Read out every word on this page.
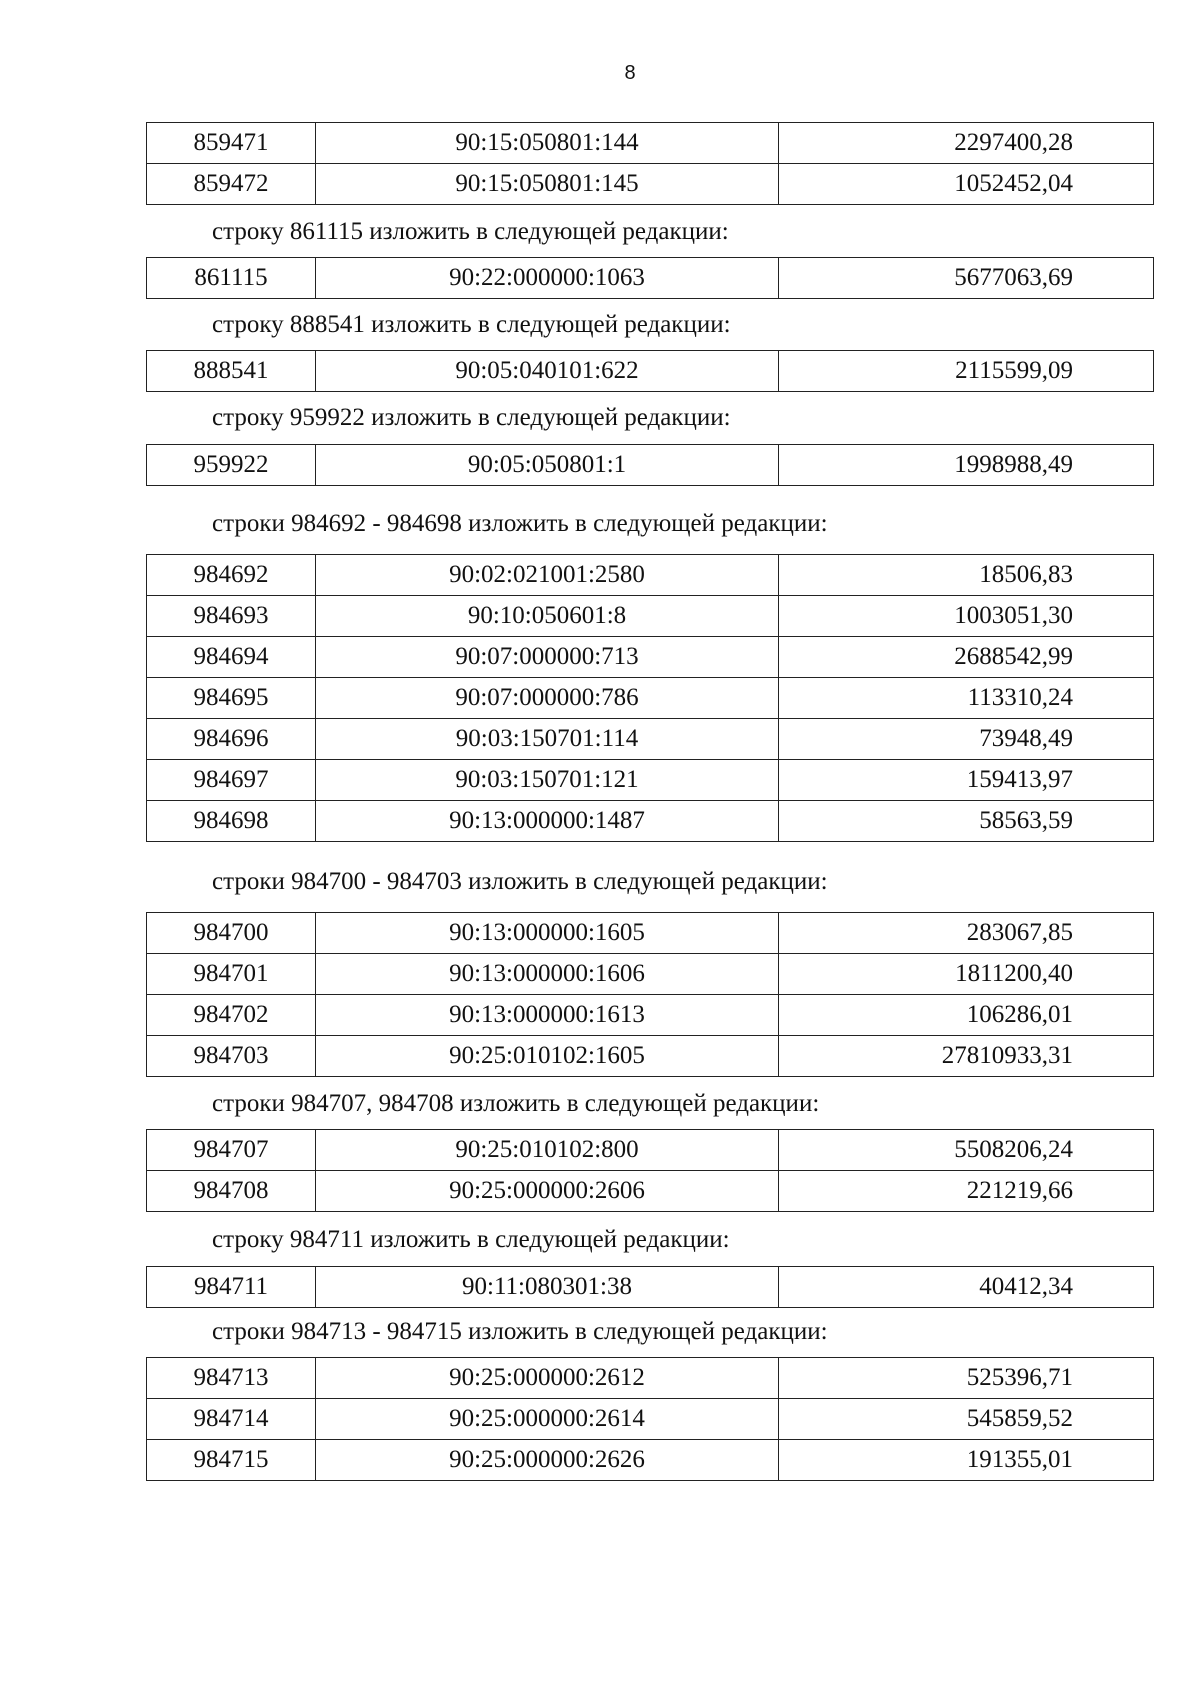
8
859471	90:15:050801:144	2297400,28
859472	90:15:050801:145	1052452,04
строку 861115 изложить в следующей редакции:
861115	90:22:000000:1063	5677063,69
строку 888541 изложить в следующей редакции:
888541	90:05:040101:622	2115599,09
строку 959922 изложить в следующей редакции:
959922	90:05:050801:1	1998988,49
строки 984692 - 984698 изложить в следующей редакции:
984692	90:02:021001:2580	18506,83
984693	90:10:050601:8	1003051,30
984694	90:07:000000:713	2688542,99
984695	90:07:000000:786	113310,24
984696	90:03:150701:114	73948,49
984697	90:03:150701:121	159413,97
984698	90:13:000000:1487	58563,59
строки 984700 - 984703 изложить в следующей редакции:
984700	90:13:000000:1605	283067,85
984701	90:13:000000:1606	1811200,40
984702	90:13:000000:1613	106286,01
984703	90:25:010102:1605	27810933,31
строки 984707, 984708 изложить в следующей редакции:
984707	90:25:010102:800	5508206,24
984708	90:25:000000:2606	221219,66
строку 984711 изложить в следующей редакции:
984711	90:11:080301:38	40412,34
строки 984713 - 984715 изложить в следующей редакции:
984713	90:25:000000:2612	525396,71
984714	90:25:000000:2614	545859,52
984715	90:25:000000:2626	191355,01
